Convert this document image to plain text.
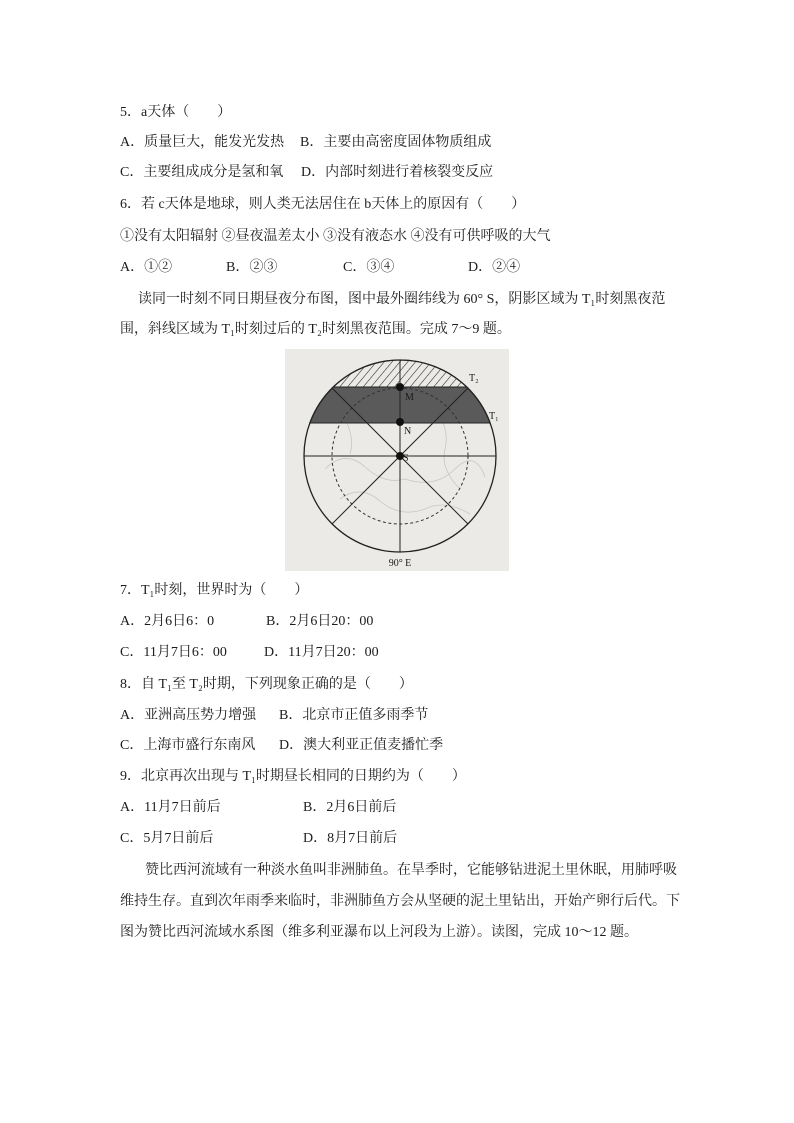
5．a天体（　　）
A．质量巨大，能发光发热 B．主要由高密度固体物质组成
C．主要组成成分是氢和氧 D．内部时刻进行着核裂变反应
6．若 c天体是地球，则人类无法居住在 b天体上的原因有（　　）
①没有太阳辐射 ②昼夜温差太小 ③没有液态水 ④没有可供呼吸的大气
A．①②	B．②③	C．③④	D．②④
读同一时刻不同日期昼夜分布图，图中最外圈纬线为 60° S，阴影区域为 T₁时刻黑夜范
围，斜线区域为 T₁时刻过后的 T₂时刻黑夜范围。完成 7～9 题。
M
N
S
T₂
T₁
90° E
7．T₁时刻，世界时为（　　）
A．2月6日6：0	B．2月6日20：00
C．11月7日6：00	D．11月7日20：00
8．自 T₁至 T₂时期，下列现象正确的是（　　）
A．亚洲高压势力增强 B．北京市正值多雨季节
C．上海市盛行东南风 D．澳大利亚正值麦播忙季
9．北京再次出现与 T₁时期昼长相同的日期约为（　　）
A．11月7日前后	B．2月6日前后
C．5月7日前后	D．8月7日前后
赞比西河流域有一种淡水鱼叫非洲肺鱼。在旱季时，它能够钻进泥土里休眠，用肺呼吸
维持生存。直到次年雨季来临时，非洲肺鱼方会从坚硬的泥土里钻出，开始产卵行后代。下
图为赞比西河流域水系图（维多利亚瀑布以上河段为上游）。读图，完成 10～12 题。
